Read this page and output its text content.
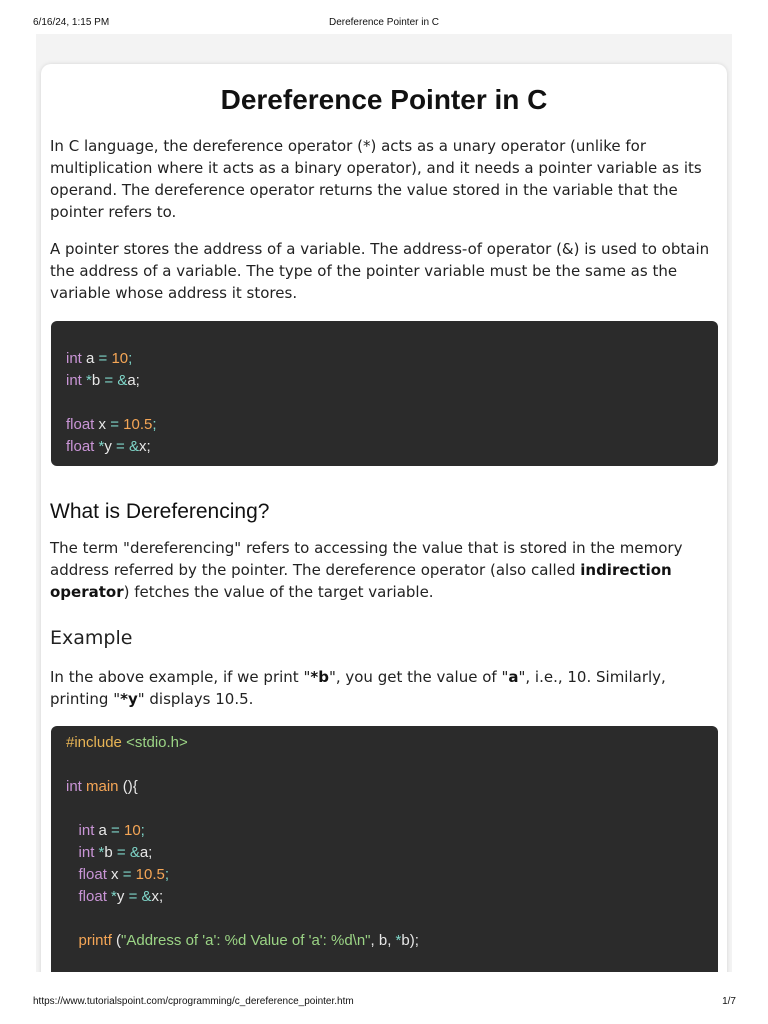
6/16/24, 1:15 PM	Dereference Pointer in C
Dereference Pointer in C

In C language, the dereference operator (*) acts as a unary operator (unlike for multiplication where it acts as a binary operator), and it needs a pointer variable as its operand. The dereference operator returns the value stored in the variable that the pointer refers to.

A pointer stores the address of a variable. The address-of operator (&) is used to obtain the address of a variable. The type of the pointer variable must be the same as the variable whose address it stores.

int a = 10;
int *b = &a;
float x = 10.5;
float *y = &x;
What is Dereferencing?

The term "dereferencing" refers to accessing the value that is stored in the memory address referred by the pointer. The dereference operator (also called indirection operator) fetches the value of the target variable.

Example

In the above example, if we print "*b", you get the value of "a", i.e., 10. Similarly, printing "*y" displays 10.5.

#include <stdio.h>
int main (){
int a = 10;
int *b = &a;
float x = 10.5;
float *y = &x;
printf ("Address of 'a': %d Value of 'a': %d\n", b, *b);
https://www.tutorialspoint.com/cprogramming/c_dereference_pointer.htm	1/7
